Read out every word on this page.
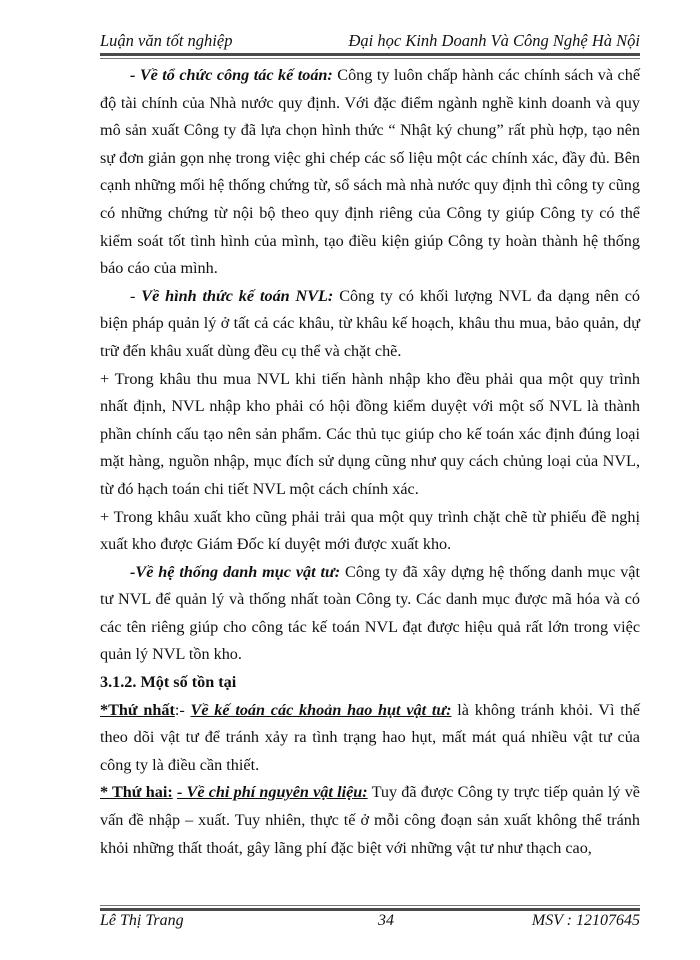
Luận văn tốt nghiệp	Đại học Kinh Doanh Và Công Nghệ Hà Nội

- Về tổ chức công tác kế toán: Công ty luôn chấp hành các chính sách và chế độ tài chính của Nhà nước quy định. Với đặc điểm ngành nghề kinh doanh và quy mô sản xuất Công ty đã lựa chọn hình thức “ Nhật ký chung” rất phù hợp, tạo nên sự đơn giản gọn nhẹ trong việc ghi chép các số liệu một các chính xác, đầy đủ. Bên cạnh những mối hệ thống chứng từ, sổ sách mà nhà nước quy định thì công ty cũng có những chứng từ nội bộ theo quy định riêng của Công ty giúp Công ty có thể kiểm soát tốt tình hình của mình, tạo điều kiện giúp Công ty hoàn thành hệ thống báo cáo của mình.

- Về hình thức kế toán NVL: Công ty có khối lượng NVL đa dạng nên có biện pháp quản lý ở tất cả các khâu, từ khâu kế hoạch, khâu thu mua, bảo quản, dự trữ đến khâu xuất dùng đều cụ thể và chặt chẽ.

+ Trong khâu thu mua NVL khi tiến hành nhập kho đều phải qua một quy trình nhất định, NVL nhập kho phải có hội đồng kiểm duyệt với một số NVL là thành phần chính cấu tạo nên sản phẩm. Các thủ tục giúp cho kế toán xác định đúng loại mặt hàng, nguồn nhập, mục đích sử dụng cũng như quy cách chủng loại của NVL, từ đó hạch toán chi tiết NVL một cách chính xác.

+ Trong khâu xuất kho cũng phải trải qua một quy trình chặt chẽ từ phiếu đề nghị xuất kho được Giám Đốc kí duyệt mới được xuất kho.

-Về hệ thống danh mục vật tư: Công ty đã xây dựng hệ thống danh mục vật tư NVL để quản lý và thống nhất toàn Công ty. Các danh mục được mã hóa và có các tên riêng giúp cho công tác kế toán NVL đạt được hiệu quả rất lớn trong việc quản lý NVL tồn kho.

3.1.2. Một số tồn tại

*Thứ nhất:- Về kế toán các khoản hao hụt vật tư: là không tránh khỏi. Vì thế theo dõi vật tư để tránh xảy ra tình trạng hao hụt, mất mát quá nhiều vật tư của công ty là điều cần thiết.

* Thứ hai: - Về chi phí nguyên vật liệu: Tuy đã được Công ty trực tiếp quản lý về vấn đề nhập – xuất. Tuy nhiên, thực tế ở mỗi công đoạn sản xuất không thể tránh khỏi những thất thoát, gây lãng phí đặc biệt với những vật tư như thạch cao,

Lê Thị Trang	34	MSV : 12107645
